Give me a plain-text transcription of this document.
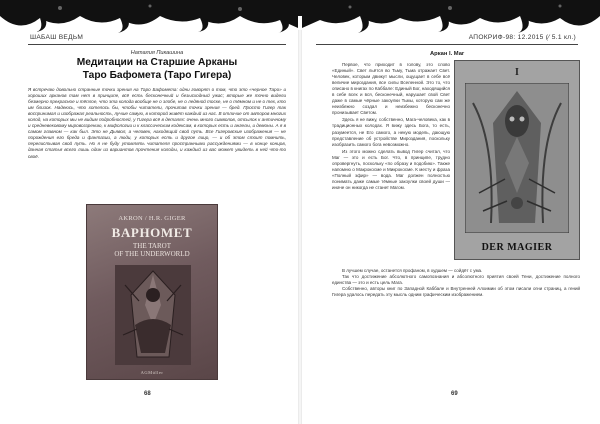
ШАБАШ ВЕДЬМ
Наталия Пикашина
Медитации на Старшие Арканы
Таро Бафомета (Таро Гигера)
Я встречаю довольно странные точки зрения на Таро Бафомета: одни говорят о том, что это «черное Таро» и хороших арканов там нет в принципе, всё есть бесконечный и безысходный ужас; вторые же точно видели безмерно прекрасное и тёплое, что эта колода вообще не о злобе, не о ледяной тоске, не о тёмном и не о тех, кто им близок. Надеюсь, что хотелось бы, чтобы читатели, прочитав точки зрения — бред. Просто Гигер так воспринимал и изображал реальность, лучше самую, в которой живёт каждый из нас. В отличие от авторов многих колод, на которых мы не видим подробностей, у Гигера всё в деталях: очень много символов, отсылок к античному и средневековому мировоззрению, к мифологии и к классическим кодексам, в которых есть и ангелы, и демоны. А я в самом главном — как был. Это не Дьявол, а человек, находящий свой путь. Все Гигеровские изображения — не порождения его бреда и фантазии, а люди, у которых есть и другое лицо, — и об этом стоит помнить, перелистывая свой путь. Но я не буду утомлять читателя пространными рассуждениями — в конце концов, данная статья всего лишь один из вариантов прочтения колоды, и каждый из вас может увидеть в ней что-то своё.
AKRON / H.R. GIGER
BAPHOMET
THE TAROT
OF THE UNDERWORLD
AGMüller
68
АПОКРИФ-98: 12.2015 (⁄ 5.1 кл.)
Аркан I. Маг

Первое, что приходит в голову, это слово «Единый». Свет льётся во Тьму, Тьма отражает Свет. Человек, которым движут мысли, ощущает в себе всё величие мироздания, все силы Вселенной. Это то, что описано в книгах по Каббале: Единый Бог, находящийся в себе всех и вся, бесконечный, нарушает свой Свет даже в самые чёрные закоулки Тьмы, которую сам же неизбежно создал и неизбежно бесконечно пронизывает Светом.

Здесь я не вижу, собственно, Мага-человека, как в традиционных колодах. Я вижу здесь Бога, то есть, разумеется, не Его самого, а некую модель, дающую представление об устройстве Мироздания, поскольку изобразить самого бога невозможно.

Из этого можно сделать вывод Гигер считал, что Маг — это и есть Бог. Что, в принципе, трудно опровергнуть, поскольку «по образу и подобию». Также напомню о Макрокосме и Микрокосме. К месту и фраза «Полный эфир» — вода. Маг должен полностью понимать даже самые тёмные закоулки своей души — иначе он никогда не станет Магом.

I
DER MAGIER

В лучшем случае, останется профаном, в худшем — сойдёт с ума.

Так что достижение абсолютного самопознания и абсолютного приятия своей Тени, достижение полного единства — это и есть цель Мага.

Собственно, авторы книг по Западной Каббале и Внутренней Алхимии об этом писали огни страниц, а гений Гигера удалось передать эту мысль одним графическим изображением.

69
